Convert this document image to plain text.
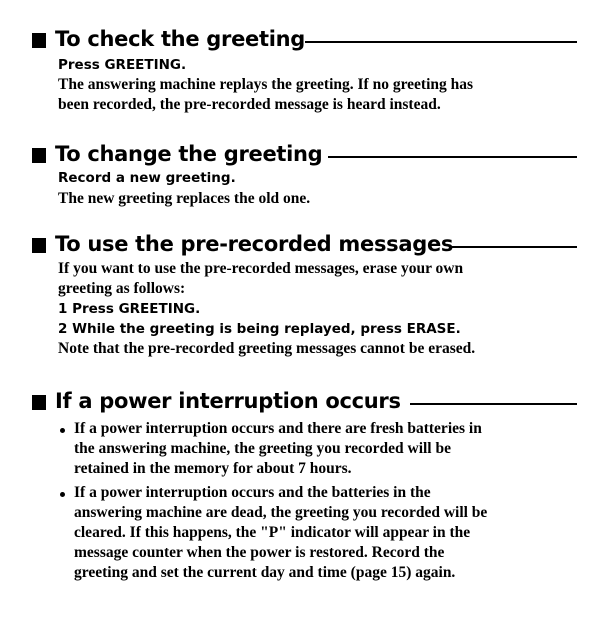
To check the greeting
Press GREETING.
The answering machine replays the greeting. If no greeting has
been recorded, the pre-recorded message is heard instead.
To change the greeting
Record a new greeting.
The new greeting replaces the old one.
To use the pre-recorded messages
If you want to use the pre-recorded messages, erase your own
greeting as follows:
1 Press GREETING.
2 While the greeting is being replayed, press ERASE.
Note that the pre-recorded greeting messages cannot be erased.
If a power interruption occurs
If a power interruption occurs and there are fresh batteries in
the answering machine, the greeting you recorded will be
retained in the memory for about 7 hours.
If a power interruption occurs and the batteries in the
answering machine are dead, the greeting you recorded will be
cleared. If this happens, the "P" indicator will appear in the
message counter when the power is restored. Record the
greeting and set the current day and time (page 15) again.
